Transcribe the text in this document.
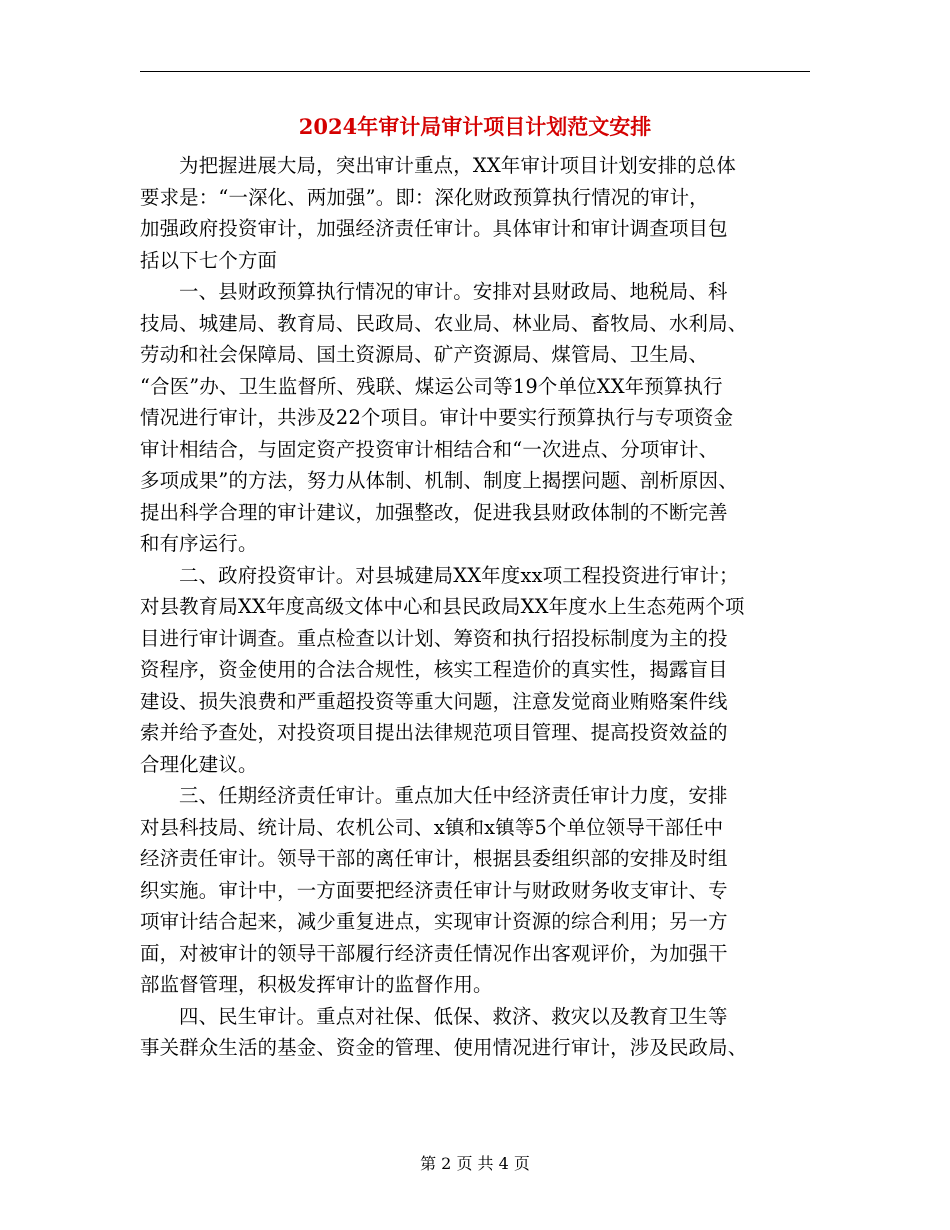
2024年审计局审计项目计划范文安排

为把握进展大局，突出审计重点，XX年审计项目计划安排的总体
要求是：“一深化、两加强”。即：深化财政预算执行情况的审计，
加强政府投资审计，加强经济责任审计。具体审计和审计调查项目包
括以下七个方面

一、县财政预算执行情况的审计。安排对县财政局、地税局、科
技局、城建局、教育局、民政局、农业局、林业局、畜牧局、水利局、
劳动和社会保障局、国土资源局、矿产资源局、煤管局、卫生局、
“合医”办、卫生监督所、残联、煤运公司等19个单位XX年预算执行
情况进行审计，共涉及22个项目。审计中要实行预算执行与专项资金
审计相结合，与固定资产投资审计相结合和“一次进点、分项审计、
多项成果”的方法，努力从体制、机制、制度上揭摆问题、剖析原因、
提出科学合理的审计建议，加强整改，促进我县财政体制的不断完善
和有序运行。

二、政府投资审计。对县城建局XX年度xx项工程投资进行审计；
对县教育局XX年度高级文体中心和县民政局XX年度水上生态苑两个项
目进行审计调查。重点检查以计划、筹资和执行招投标制度为主的投
资程序，资金使用的合法合规性，核实工程造价的真实性，揭露盲目
建设、损失浪费和严重超投资等重大问题，注意发觉商业贿赂案件线
索并给予查处，对投资项目提出法律规范项目管理、提高投资效益的
合理化建议。

三、任期经济责任审计。重点加大任中经济责任审计力度，安排
对县科技局、统计局、农机公司、x镇和x镇等5个单位领导干部任中
经济责任审计。领导干部的离任审计，根据县委组织部的安排及时组
织实施。审计中，一方面要把经济责任审计与财政财务收支审计、专
项审计结合起来，减少重复进点，实现审计资源的综合利用；另一方
面，对被审计的领导干部履行经济责任情况作出客观评价，为加强干
部监督管理，积极发挥审计的监督作用。

四、民生审计。重点对社保、低保、救济、救灾以及教育卫生等
事关群众生活的基金、资金的管理、使用情况进行审计，涉及民政局、

第 2 页 共 4 页
